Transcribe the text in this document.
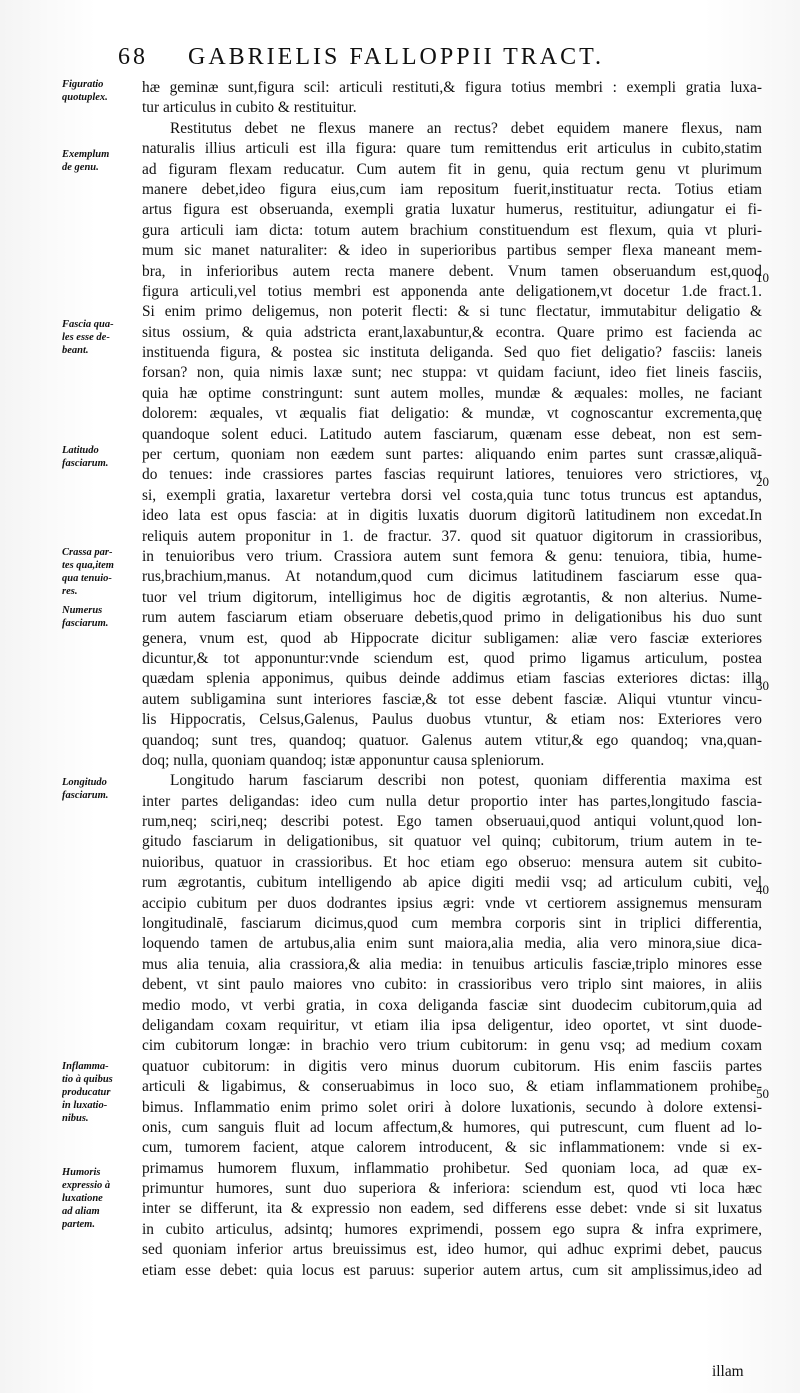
68 GABRIELIS FALLOPPII TRACT.
Figuratio
quotuplex.
Exemplum
de genu.
Fascia qua-
les esse de-
beant.
Latitudo
fasciarum.
Crassa par-
tes qua,item
qua tenuio-
res.
Numerus
fasciarum.
Longitudo
fasciarum.
Inflamma-
tio à quibus
producatur
in luxatio-
nibus.
Humoris
expressio à
luxatione
ad aliam
partem.
10
20
30
40
50
hæ geminæ sunt,figura scil: articuli restituti,& figura totius membri : exempli gratia luxa-
tur articulus in cubito & restituitur.
Restitutus debet ne flexus manere an rectus? debet equidem manere flexus, nam
naturalis illius articuli est illa figura: quare tum remittendus erit articulus in cubito,statim
ad figuram flexam reducatur. Cum autem fit in genu, quia rectum genu vt plurimum
manere debet,ideo figura eius,cum iam repositum fuerit,instituatur recta. Totius etiam
artus figura est obseruanda, exempli gratia luxatur humerus, restituitur, adiungatur ei fi-
gura articuli iam dicta: totum autem brachium constituendum est flexum, quia vt pluri-
mum sic manet naturaliter: & ideo in superioribus partibus semper flexa maneant mem-
bra, in inferioribus autem recta manere debent. Vnum tamen obseruandum est,quod
figura articuli,vel totius membri est apponenda ante deligationem,vt docetur 1.de fract.1.
Si enim primo deligemus, non poterit flecti: & si tunc flectatur, immutabitur deligatio &
situs ossium, & quia adstricta erant,laxabuntur,& econtra. Quare primo est facienda ac
instituenda figura, & postea sic instituta deliganda. Sed quo fiet deligatio? fasciis: laneis
forsan? non, quia nimis laxæ sunt; nec stuppa: vt quidam faciunt, ideo fiet lineis fasciis,
quia hæ optime constringunt: sunt autem molles, mundæ & æquales: molles, ne faciant
dolorem: æquales, vt æqualis fiat deligatio: & mundæ, vt cognoscantur excrementa,quę
quandoque solent educi. Latitudo autem fasciarum, quænam esse debeat, non est sem-
per certum, quoniam non eædem sunt partes: aliquando enim partes sunt crassæ,aliquã-
do tenues: inde crassiores partes fascias requirunt latiores, tenuiores vero strictiores, vt
si, exempli gratia, laxaretur vertebra dorsi vel costa,quia tunc totus truncus est aptandus,
ideo lata est opus fascia: at in digitis luxatis duorum digitorũ latitudinem non excedat.In
reliquis autem proponitur in 1. de fractur. 37. quod sit quatuor digitorum in crassioribus,
in tenuioribus vero trium. Crassiora autem sunt femora & genu: tenuiora, tibia, hume-
rus,brachium,manus. At notandum,quod cum dicimus latitudinem fasciarum esse qua-
tuor vel trium digitorum, intelligimus hoc de digitis ægrotantis, & non alterius. Nume-
rum autem fasciarum etiam obseruare debetis,quod primo in deligationibus his duo sunt
genera, vnum est, quod ab Hippocrate dicitur subligamen: aliæ vero fasciæ exteriores
dicuntur,& tot apponuntur:vnde sciendum est, quod primo ligamus articulum, postea
quædam splenia apponimus, quibus deinde addimus etiam fascias exteriores dictas: illa
autem subligamina sunt interiores fasciæ,& tot esse debent fasciæ. Aliqui vtuntur vincu-
lis Hippocratis, Celsus,Galenus, Paulus duobus vtuntur, & etiam nos: Exteriores vero
quandoq; sunt tres, quandoq; quatuor. Galenus autem vtitur,& ego quandoq; vna,quan-
doq; nulla, quoniam quandoq; istæ apponuntur causa spleniorum.
Longitudo harum fasciarum describi non potest, quoniam differentia maxima est
inter partes deligandas: ideo cum nulla detur proportio inter has partes,longitudo fascia-
rum,neq; sciri,neq; describi potest. Ego tamen obseruaui,quod antiqui volunt,quod lon-
gitudo fasciarum in deligationibus, sit quatuor vel quinq; cubitorum, trium autem in te-
nuioribus, quatuor in crassioribus. Et hoc etiam ego obseruo: mensura autem sit cubito-
rum ægrotantis, cubitum intelligendo ab apice digiti medii vsq; ad articulum cubiti, vel
accipio cubitum per duos dodrantes ipsius ægri: vnde vt certiorem assignemus mensuram
longitudinalē, fasciarum dicimus,quod cum membra corporis sint in triplici differentia,
loquendo tamen de artubus,alia enim sunt maiora,alia media, alia vero minora,siue dica-
mus alia tenuia, alia crassiora,& alia media: in tenuibus articulis fasciæ,triplo minores esse
debent, vt sint paulo maiores vno cubito: in crassioribus vero triplo sint maiores, in aliis
medio modo, vt verbi gratia, in coxa deliganda fasciæ sint duodecim cubitorum,quia ad
deligandam coxam requiritur, vt etiam ilia ipsa deligentur, ideo oportet, vt sint duode-
cim cubitorum longæ: in brachio vero trium cubitorum: in genu vsq; ad medium coxam
quatuor cubitorum: in digitis vero minus duorum cubitorum. His enim fasciis partes
articuli & ligabimus, & conseruabimus in loco suo, & etiam inflammationem prohibe-
bimus. Inflammatio enim primo solet oriri à dolore luxationis, secundo à dolore extensi-
onis, cum sanguis fluit ad locum affectum,& humores, qui putrescunt, cum fluent ad lo-
cum, tumorem facient, atque calorem introducent, & sic inflammationem: vnde si ex-
primamus humorem fluxum, inflammatio prohibetur. Sed quoniam loca, ad quæ ex-
primuntur humores, sunt duo superiora & inferiora: sciendum est, quod vti loca hæc
inter se differunt, ita & expressio non eadem, sed differens esse debet: vnde si sit luxatus
in cubito articulus, adsintq; humores exprimendi, possem ego supra & infra exprimere,
sed quoniam inferior artus breuissimus est, ideo humor, qui adhuc exprimi debet, paucus
etiam esse debet: quia locus est paruus: superior autem artus, cum sit amplissimus,ideo ad
illam
